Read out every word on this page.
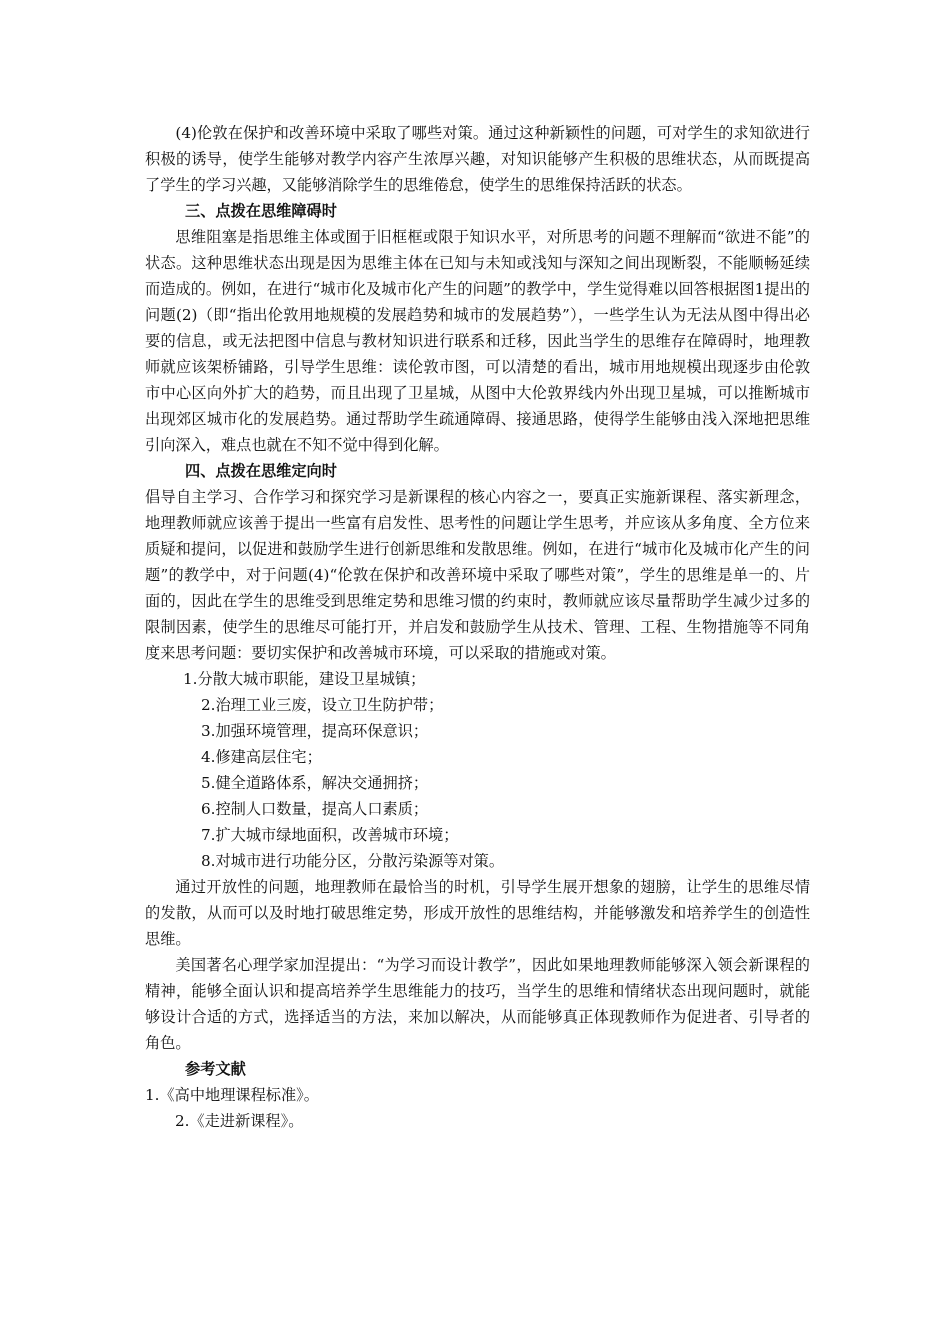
(4)伦敦在保护和改善环境中采取了哪些对策。通过这种新颖性的问题，可对学生的求知欲进行积极的诱导，使学生能够对教学内容产生浓厚兴趣，对知识能够产生积极的思维状态，从而既提高了学生的学习兴趣，又能够消除学生的思维倦怠，使学生的思维保持活跃的状态。

三、点拨在思维障碍时

思维阻塞是指思维主体或囿于旧框框或限于知识水平，对所思考的问题不理解而“欲进不能”的状态。这种思维状态出现是因为思维主体在已知与未知或浅知与深知之间出现断裂，不能顺畅延续而造成的。例如，在进行“城市化及城市化产生的问题”的教学中，学生觉得难以回答根据图1提出的问题(2)（即“指出伦敦用地规模的发展趋势和城市的发展趋势”），一些学生认为无法从图中得出必要的信息，或无法把图中信息与教材知识进行联系和迁移，因此当学生的思维存在障碍时，地理教师就应该架桥铺路，引导学生思维：读伦敦市图，可以清楚的看出，城市用地规模出现逐步由伦敦市中心区向外扩大的趋势，而且出现了卫星城，从图中大伦敦界线内外出现卫星城，可以推断城市出现郊区城市化的发展趋势。通过帮助学生疏通障碍、接通思路，使得学生能够由浅入深地把思维引向深入，难点也就在不知不觉中得到化解。

四、点拨在思维定向时

倡导自主学习、合作学习和探究学习是新课程的核心内容之一，要真正实施新课程、落实新理念，地理教师就应该善于提出一些富有启发性、思考性的问题让学生思考，并应该从多角度、全方位来质疑和提问，以促进和鼓励学生进行创新思维和发散思维。例如，在进行“城市化及城市化产生的问题”的教学中，对于问题(4)“伦敦在保护和改善环境中采取了哪些对策”，学生的思维是单一的、片面的，因此在学生的思维受到思维定势和思维习惯的约束时，教师就应该尽量帮助学生减少过多的限制因素，使学生的思维尽可能打开，并启发和鼓励学生从技术、管理、工程、生物措施等不同角度来思考问题：要切实保护和改善城市环境，可以采取的措施或对策。

1.分散大城市职能，建设卫星城镇；

2.治理工业三废，设立卫生防护带；

3.加强环境管理，提高环保意识；

4.修建高层住宅；

5.健全道路体系，解决交通拥挤；

6.控制人口数量，提高人口素质；

7.扩大城市绿地面积，改善城市环境；

8.对城市进行功能分区，分散污染源等对策。

通过开放性的问题，地理教师在最恰当的时机，引导学生展开想象的翅膀，让学生的思维尽情的发散，从而可以及时地打破思维定势，形成开放性的思维结构，并能够激发和培养学生的创造性思维。

美国著名心理学家加涅提出：“为学习而设计教学”，因此如果地理教师能够深入领会新课程的精神，能够全面认识和提高培养学生思维能力的技巧，当学生的思维和情绪状态出现问题时，就能够设计合适的方式，选择适当的方法，来加以解决，从而能够真正体现教师作为促进者、引导者的角色。

参考文献

1.《高中地理课程标准》。

2.《走进新课程》。
